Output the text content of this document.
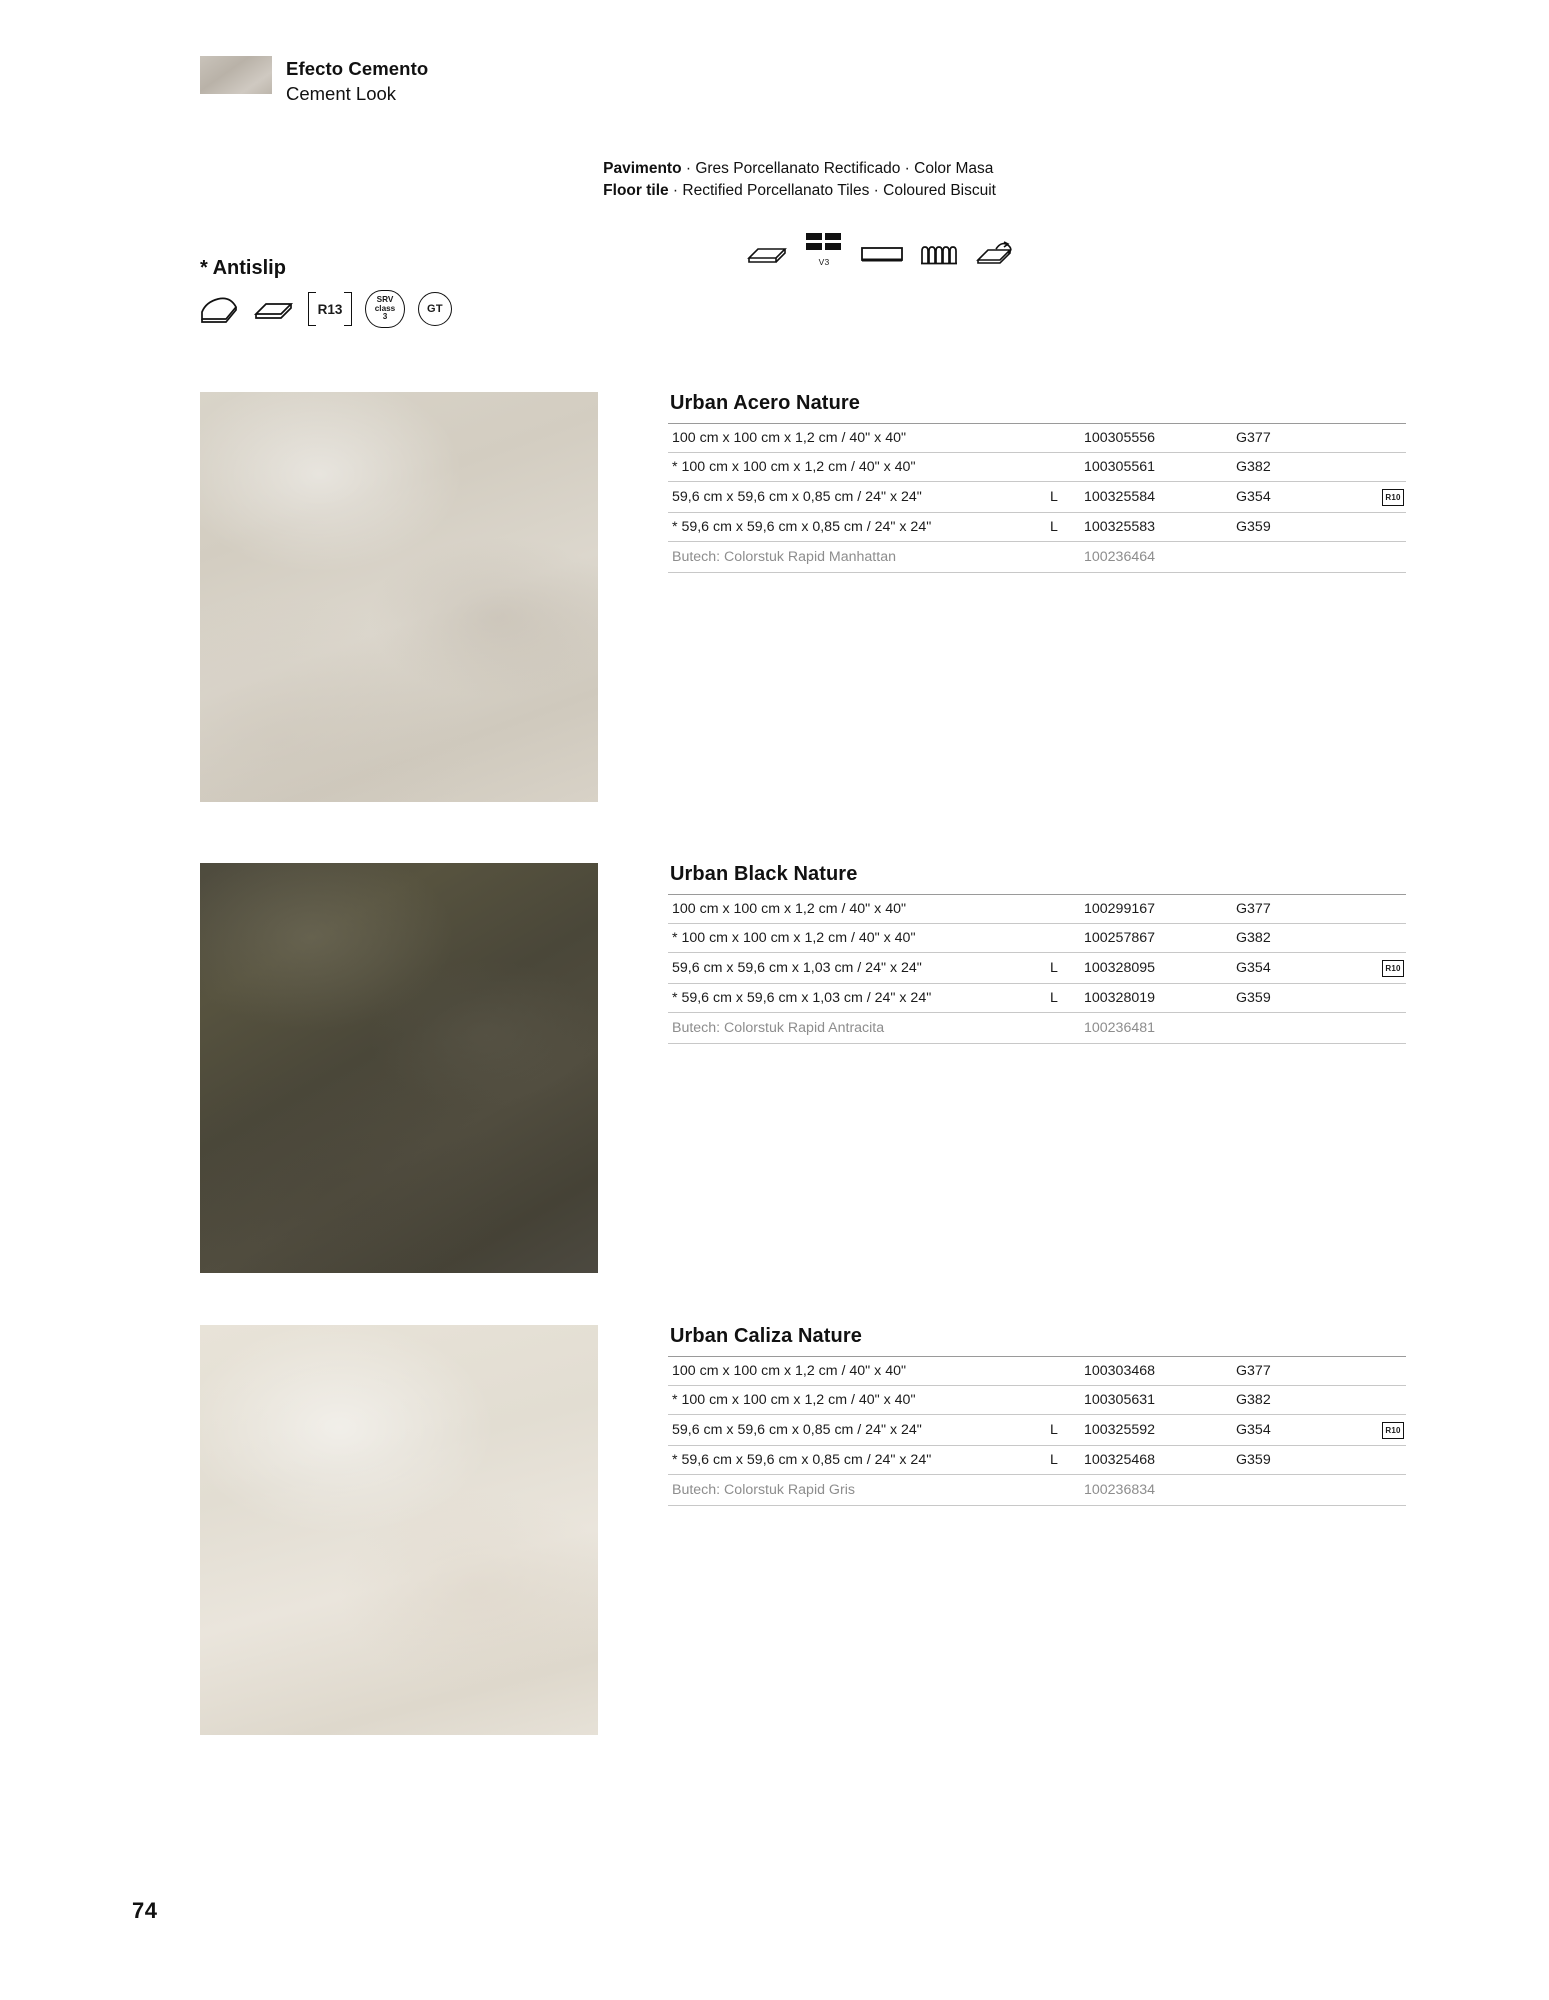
Efecto Cemento
Cement Look
Pavimento · Gres Porcellanato Rectificado · Color Masa
Floor tile · Rectified Porcellanato Tiles · Coloured Biscuit
V3
* Antislip
R13
SRV
class
3
GT
Urban Acero Nature
100 cm x 100 cm x 1,2 cm / 40" x 40"		100305556	G377	
* 100 cm x 100 cm x 1,2 cm / 40" x 40"		100305561	G382	
59,6 cm x 59,6 cm x 0,85 cm / 24" x 24"	L	100325584	G354	R10
* 59,6 cm x 59,6 cm x 0,85 cm / 24" x 24"	L	100325583	G359	
Butech: Colorstuk Rapid Manhattan		100236464		
Urban Black Nature
100 cm x 100 cm x 1,2 cm / 40" x 40"		100299167	G377	
* 100 cm x 100 cm x 1,2 cm / 40" x 40"		100257867	G382	
59,6 cm x 59,6 cm x 1,03 cm / 24" x 24"	L	100328095	G354	R10
* 59,6 cm x 59,6 cm x 1,03 cm / 24" x 24"	L	100328019	G359	
Butech: Colorstuk Rapid Antracita		100236481		
Urban Caliza Nature
100 cm x 100 cm x 1,2 cm / 40" x 40"		100303468	G377	
* 100 cm x 100 cm x 1,2 cm / 40" x 40"		100305631	G382	
59,6 cm x 59,6 cm x 0,85 cm / 24" x 24"	L	100325592	G354	R10
* 59,6 cm x 59,6 cm x 0,85 cm / 24" x 24"	L	100325468	G359	
Butech: Colorstuk Rapid Gris		100236834		
74
